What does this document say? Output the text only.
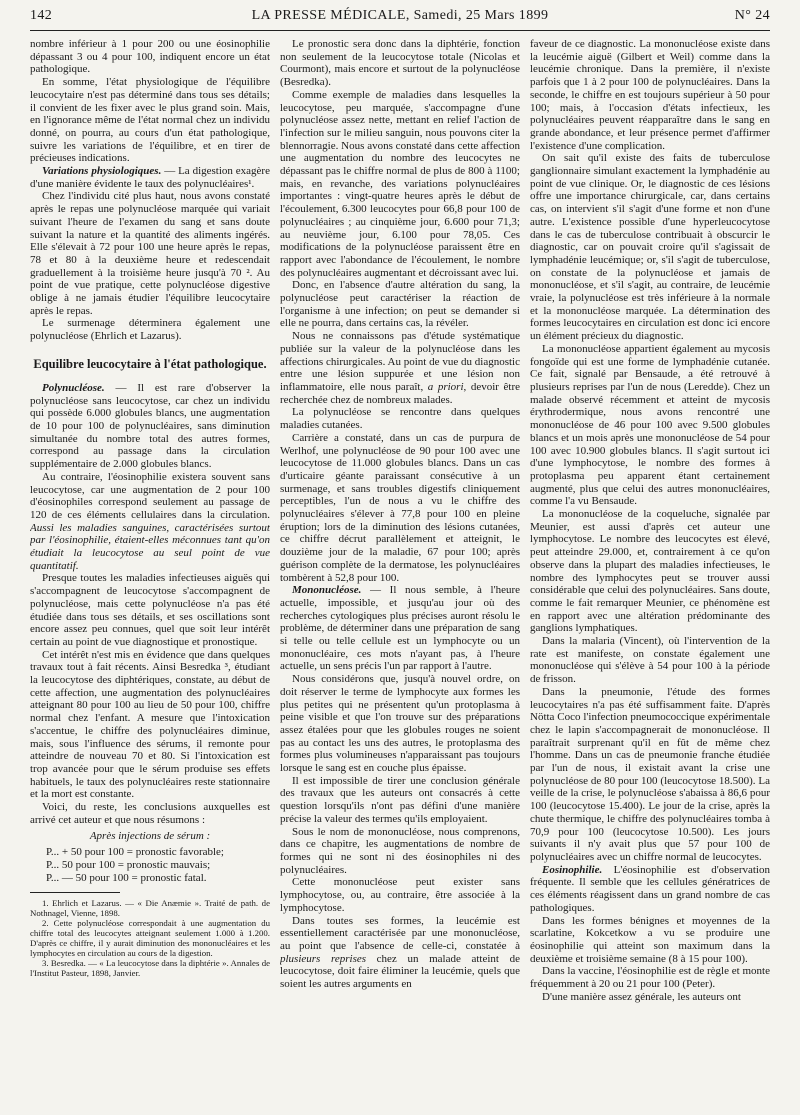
142	LA PRESSE MÉDICALE, Samedi, 25 Mars 1899	N° 24

nombre inférieur à 1 pour 200 ou une éosinophilie dépassant 3 ou 4 pour 100, indiquent encore un état pathologique.

En somme, l'état physiologique de l'équilibre leucocytaire n'est pas déterminé dans tous ses détails; il convient de les fixer avec le plus grand soin. Mais, en l'ignorance même de l'état normal chez un individu donné, on pourra, au cours d'un état pathologique, suivre les variations de l'équilibre, et en tirer de précieuses indications.

Variations physiologiques. — La digestion exagère d'une manière évidente le taux des polynucléaires¹.

Chez l'individu cité plus haut, nous avons constaté après le repas une polynucléose marquée qui variait suivant l'heure de l'examen du sang et sans doute suivant la nature et la quantité des aliments ingérés. Elle s'élevait à 72 pour 100 une heure après le repas, 78 et 80 à la deuxième heure et redescendait graduellement à la troisième heure jusqu'à 70 ². Au point de vue pratique, cette polynucléose digestive oblige à ne jamais étudier l'équilibre leucocytaire après le repas.

Le surmenage déterminera également une polynucléose (Ehrlich et Lazarus).

Equilibre leucocytaire à l'état pathologique.

Polynucléose. — Il est rare d'observer la polynucléose sans leucocytose, car chez un individu qui possède 6.000 globules blancs, une augmentation de 10 pour 100 de polynucléaires, sans diminution simultanée du nombre total des autres formes, correspond au passage dans la circulation supplémentaire de 2.000 globules blancs.

Au contraire, l'éosinophilie existera souvent sans leucocytose, car une augmentation de 2 pour 100 d'éosinophiles correspond seulement au passage de 120 de ces éléments cellulaires dans la circulation. Aussi les maladies sanguines, caractérisées surtout par l'éosinophilie, étaient-elles méconnues tant qu'on étudiait la leucocytose au seul point de vue quantitatif.

Presque toutes les maladies infectieuses aiguës qui s'accompagnent de leucocytose s'accompagnent de polynucléose, mais cette polynucléose n'a pas été étudiée dans tous ses détails, et ses oscillations sont encore assez peu connues, quel que soit leur intérêt certain au point de vue diagnostique et pronostique.

Cet intérêt n'est mis en évidence que dans quelques travaux tout à fait récents. Ainsi Besredka ³, étudiant la leucocytose des diphtériques, constate, au début de cette affection, une augmentation des polynucléaires atteignant 80 pour 100 au lieu de 50 pour 100, chiffre normal chez l'enfant. A mesure que l'intoxication s'accentue, le chiffre des polynucléaires diminue, mais, sous l'influence des sérums, il remonte pour atteindre de nouveau 70 et 80. Si l'intoxication est trop avancée pour que le sérum produise ses effets habituels, le taux des polynucléaires reste stationnaire et la mort est constante.

Voici, du reste, les conclusions auxquelles est arrivé cet auteur et que nous résumons :

Après injections de sérum :

P... + 50 pour 100 = pronostic favorable;

P... 50 pour 100 = pronostic mauvais;

P... — 50 pour 100 = pronostic fatal.

1. Ehrlich et Lazarus. — « Die Anæmie ». Traité de path. de Nothnagel, Vienne, 1898.

2. Cette polynucléose correspondait à une augmentation du chiffre total des leucocytes atteignant seulement 1.000 à 1.200. D'après ce chiffre, il y aurait diminution des mononucléaires et les lymphocytes en circulation au cours de la digestion.

3. Besredka. — « La leucocytose dans la diphtérie ». Annales de l'Institut Pasteur, 1898, Janvier.

Le pronostic sera donc dans la diphtérie, fonction non seulement de la leucocytose totale (Nicolas et Courmont), mais encore et surtout de la polynucléose (Besredka).

Comme exemple de maladies dans lesquelles la leucocytose, peu marquée, s'accompagne d'une polynucléose assez nette, mettant en relief l'action de l'infection sur le milieu sanguin, nous pouvons citer la blennorragie. Nous avons constaté dans cette affection une augmentation du nombre des leucocytes ne dépassant pas le chiffre normal de plus de 800 à 1100; mais, en revanche, des variations polynucléaires importantes : vingt-quatre heures après le début de l'écoulement, 6.300 leucocytes pour 66,8 pour 100 de polynucléaires ; au cinquième jour, 6.600 pour 71,3; au neuvième jour, 6.100 pour 78,05. Ces modifications de la polynucléose paraissent être en rapport avec l'abondance de l'écoulement, le nombre des polynucléaires augmentant et décroissant avec lui.

Donc, en l'absence d'autre altération du sang, la polynucléose peut caractériser la réaction de l'organisme à une infection; on peut se demander si elle ne pourra, dans certains cas, la révéler.

Nous ne connaissons pas d'étude systématique publiée sur la valeur de la polynucléose dans les affections chirurgicales. Au point de vue du diagnostic entre une lésion suppurée et une lésion non inflammatoire, elle nous paraît, a priori, devoir être recherchée chez de nombreux malades.

La polynucléose se rencontre dans quelques maladies cutanées.

Carrière a constaté, dans un cas de purpura de Werlhof, une polynucléose de 90 pour 100 avec une leucocytose de 11.000 globules blancs. Dans un cas d'urticaire géante paraissant consécutive à un surmenage, et sans troubles digestifs cliniquement perceptibles, l'un de nous a vu le chiffre des polynucléaires s'élever à 77,8 pour 100 en pleine éruption; lors de la diminution des lésions cutanées, ce chiffre décrut parallèlement et atteignit, le douzième jour de la maladie, 67 pour 100; après guérison complète de la dermatose, les polynucléaires tombèrent à 52,8 pour 100.

Mononucléose. — Il nous semble, à l'heure actuelle, impossible, et jusqu'au jour où des recherches cytologiques plus précises auront résolu le problème, de déterminer dans une préparation de sang si telle ou telle cellule est un lymphocyte ou un mononucléaire, ces mots n'ayant pas, à l'heure actuelle, un sens précis l'un par rapport à l'autre.

Nous considérons que, jusqu'à nouvel ordre, on doit réserver le terme de lymphocyte aux formes les plus petites qui ne présentent qu'un protoplasma à peine visible et que l'on trouve sur des préparations assez étalées pour que les globules rouges ne soient pas au contact les uns des autres, le protoplasma des formes plus volumineuses n'apparaissant pas toujours lorsque le sang est en couche plus épaisse.

Il est impossible de tirer une conclusion générale des travaux que les auteurs ont consacrés à cette question lorsqu'ils n'ont pas défini d'une manière précise la valeur des termes qu'ils employaient.

Sous le nom de mononucléose, nous comprenons, dans ce chapitre, les augmentations de nombre de formes qui ne sont ni des éosinophiles ni des polynucléaires.

Cette mononucléose peut exister sans lymphocytose, ou, au contraire, être associée à la lymphocytose.

Dans toutes ses formes, la leucémie est essentiellement caractérisée par une mononucléose, au point que l'absence de celle-ci, constatée à plusieurs reprises chez un malade atteint de leucocytose, doit faire éliminer la leucémie, quels que soient les autres arguments en

faveur de ce diagnostic. La mononucléose existe dans la leucémie aiguë (Gilbert et Weil) comme dans la leucémie chronique. Dans la première, il n'existe parfois que 1 à 2 pour 100 de polynucléaires. Dans la seconde, le chiffre en est toujours supérieur à 50 pour 100; mais, à l'occasion d'états infectieux, les polynucléaires peuvent réapparaître dans le sang en grande abondance, et leur présence permet d'affirmer l'existence d'une complication.

On sait qu'il existe des faits de tuberculose ganglionnaire simulant exactement la lymphadénie au point de vue clinique. Or, le diagnostic de ces lésions offre une importance chirurgicale, car, dans certains cas, on intervient s'il s'agit d'une forme et non d'une autre. L'existence possible d'une hyperleucocytose dans le cas de tuberculose contribuait à obscurcir le diagnostic, car on pouvait croire qu'il s'agissait de lymphadénie leucémique; or, s'il s'agit de tuberculose, on constate de la polynucléose et jamais de mononucléose, et s'il s'agit, au contraire, de leucémie vraie, la polynucléose est très inférieure à la normale et la mononucléose marquée. La détermination des formes leucocytaires en circulation est donc ici encore un élément précieux du diagnostic.

La mononucléose appartient également au mycosis fongoïde qui est une forme de lymphadénie cutanée. Ce fait, signalé par Bensaude, a été retrouvé à plusieurs reprises par l'un de nous (Leredde). Chez un malade observé récemment et atteint de mycosis érythrodermique, nous avons rencontré une mononucléose de 46 pour 100 avec 9.500 globules blancs et un mois après une mononucléose de 54 pour 100 avec 10.900 globules blancs. Il s'agit surtout ici d'une lymphocytose, le nombre des formes à protoplasma peu apparent étant certainement augmenté, plus que celui des autres mononucléaires, comme l'a vu Bensaude.

La mononucléose de la coqueluche, signalée par Meunier, est aussi d'après cet auteur une lymphocytose. Le nombre des leucocytes est élevé, peut atteindre 29.000, et, contrairement à ce qu'on observe dans la plupart des maladies infectieuses, le nombre des lymphocytes peut se trouver aussi considérable que celui des polynucléaires. Sans doute, comme le fait remarquer Meunier, ce phénomène est en rapport avec une altération prédominante des ganglions lymphatiques.

Dans la malaria (Vincent), où l'intervention de la rate est manifeste, on constate également une mononucléose qui s'élève à 54 pour 100 à la période de frisson.

Dans la pneumonie, l'étude des formes leucocytaires n'a pas été suffisamment faite. D'après Nötta Coco l'infection pneumococcique expérimentale chez le lapin s'accompagnerait de mononucléose. Il paraîtrait surprenant qu'il en fût de même chez l'homme. Dans un cas de pneumonie franche étudiée par l'un de nous, il existait avant la crise une polynucléose de 80 pour 100 (leucocytose 18.500). La veille de la crise, le polynucléose s'abaissa à 86,6 pour 100 (leucocytose 15.400). Le jour de la crise, après la chute thermique, le chiffre des polynucléaires tomba à 70,9 pour 100 (leucocytose 10.500). Les jours suivants il n'y avait plus que 57 pour 100 de polynucléaires avec un chiffre normal de leucocytes.

Eosinophilie. L'éosinophilie est d'observation fréquente. Il semble que les cellules génératrices de ces éléments réagissent dans un grand nombre de cas pathologiques.

Dans les formes bénignes et moyennes de la scarlatine, Kokcetkow a vu se produire une éosinophilie qui atteint son maximum dans la deuxième et troisième semaine (8 à 15 pour 100).

Dans la vaccine, l'éosinophilie est de règle et monte fréquemment à 20 ou 21 pour 100 (Peter).

D'une manière assez générale, les auteurs ont
